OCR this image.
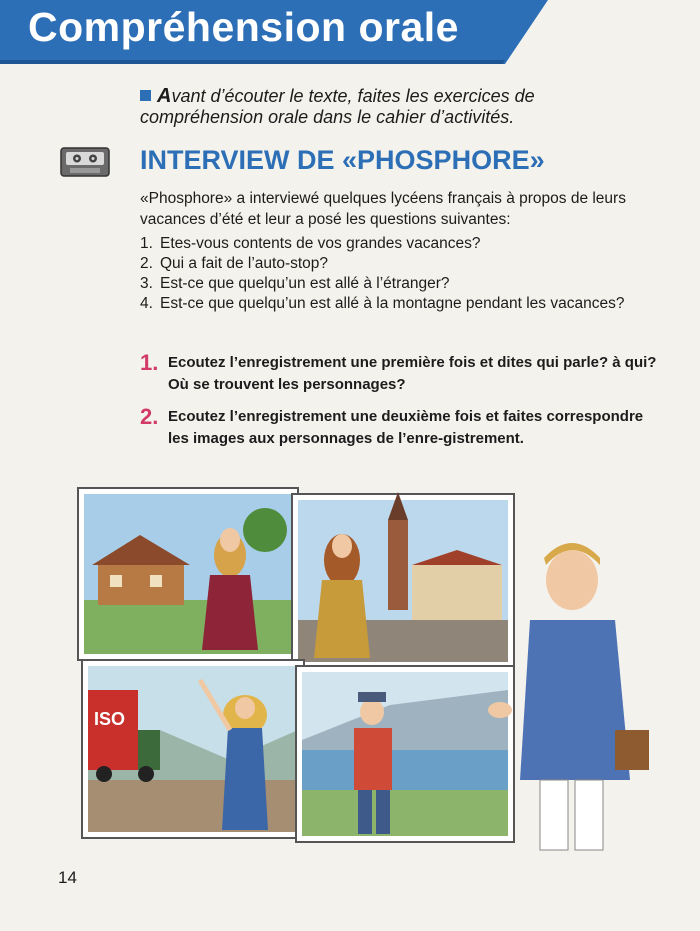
Compréhension orale
Avant d’écouter le texte, faites les exercices de compréhension orale dans le cahier d’activités.
INTERVIEW DE «PHOSPHORE»
«Phosphore» a interviewé quelques lycéens français à propos de leurs vacances d’été et leur a posé les questions suivantes:
1. Etes-vous contents de vos grandes vacances?
2. Qui a fait de l’auto-stop?
3. Est-ce que quelqu’un est allé à l’étranger?
4. Est-ce que quelqu’un est allé à la montagne pendant les vacances?
1. Ecoutez l’enregistrement une première fois et dites qui parle? à qui? Où se trouvent les personnages?
2. Ecoutez l’enregistrement une deuxième fois et faites correspondre les images aux personnages de l’enre-gistrement.
ISO
14
